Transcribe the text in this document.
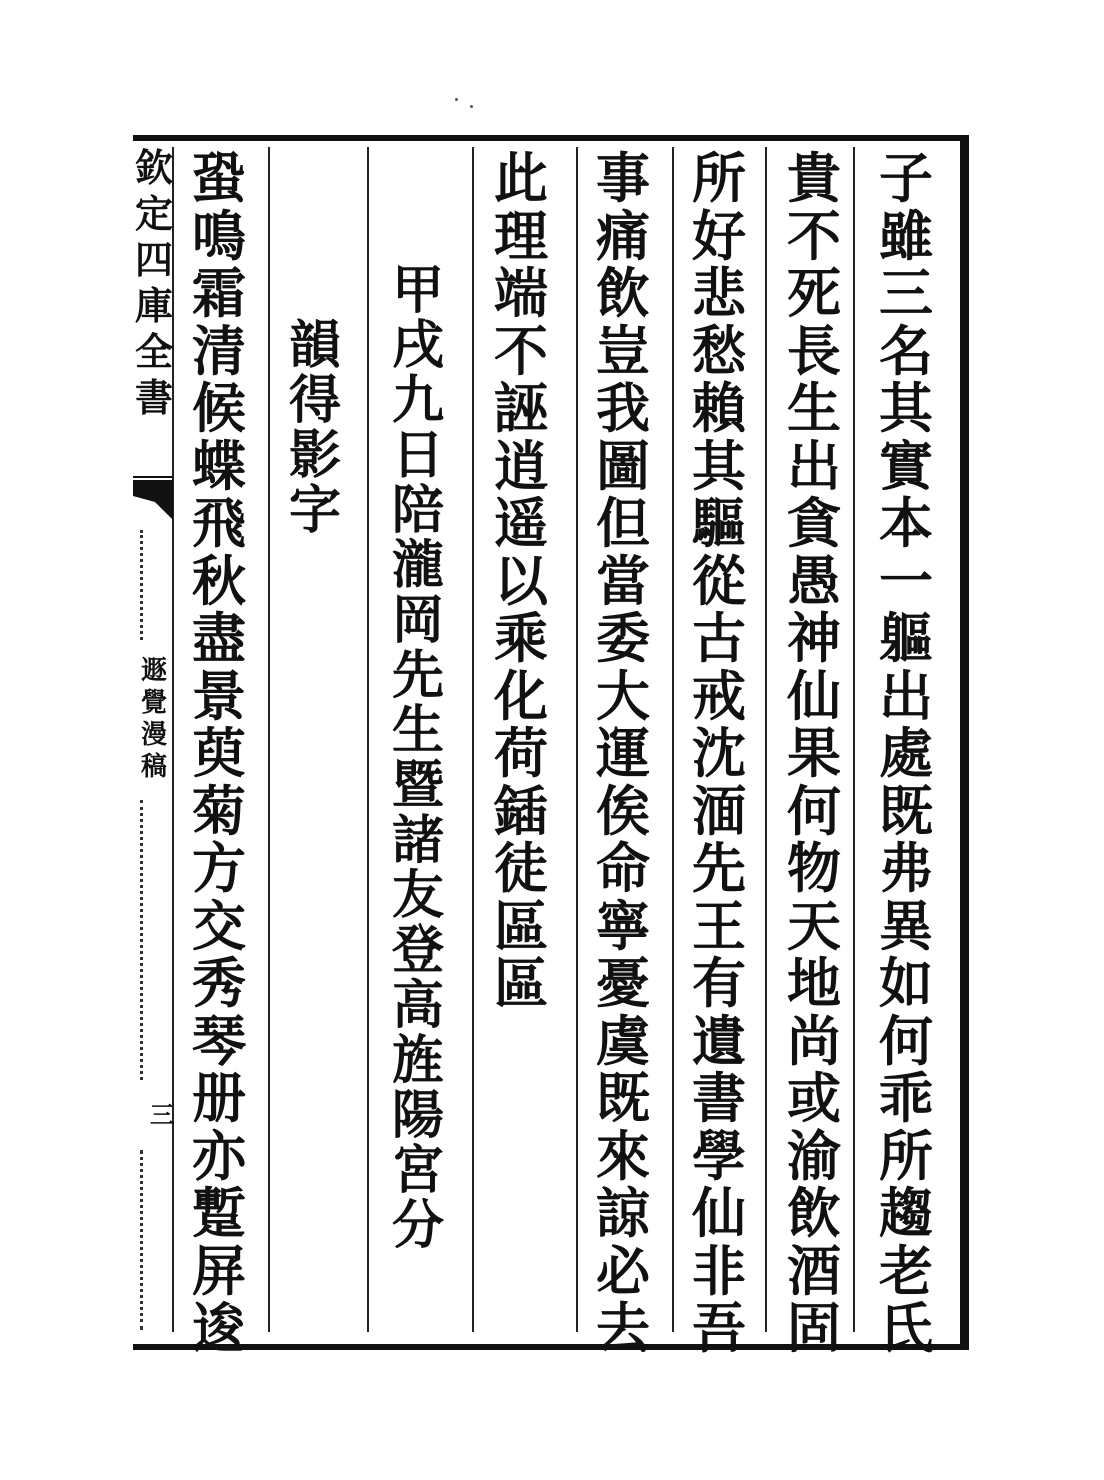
欽
定
四
庫
全
書
遯
覺
漫
稿
三
子
雖
三
名
其
實
本
一
軀
出
處
既
弗
異
如
何
乖
所
趨
老
氏
貴
不
死
長
生
出
貪
愚
神
仙
果
何
物
天
地
尚
或
渝
飲
酒
固
所
好
悲
愁
賴
其
驅
從
古
戒
沈
湎
先
王
有
遺
書
學
仙
非
吾
事
痛
飲
豈
我
圖
但
當
委
大
運
俟
命
寧
憂
虞
既
來
諒
必
去
此
理
端
不
誣
逍
遥
以
乘
化
荷
鍤
徒
區
區
甲
戌
九
日
陪
瀧
岡
先
生
暨
諸
友
登
高
旌
陽
宮
分
韻
得
影
字
蛩
鳴
霜
清
候
蝶
飛
秋
盡
景
萸
菊
方
交
秀
琴
册
亦
蹔
屏
逡
